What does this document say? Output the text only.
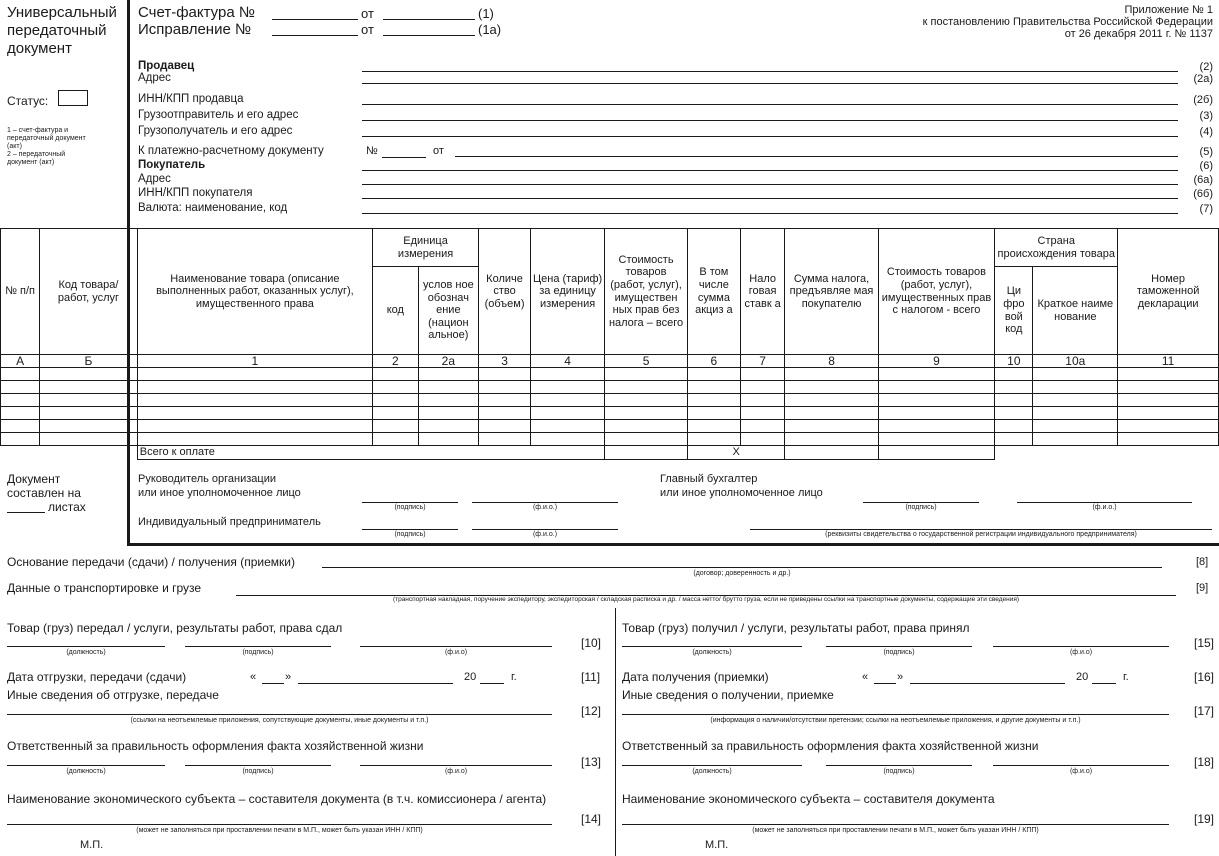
Универсальный
передаточный
документ
Статус:
1 – счет-фактура и
передаточный документ
(акт)
2 – передаточный
документ (акт)
Счет-фактура №	от	(1)
Исправление №	от	(1а)
Приложение № 1
к постановлению Правительства Российской Федерации
от 26 декабря 2011 г. № 1137
Продавец	(2)
Адрес	(2а)
ИНН/КПП продавца	(2б)
Грузоотправитель и его адрес	(3)
Грузополучатель и его адрес	(4)
К платежно-расчетному документу	(5)
Покупатель	(6)
Адрес	(6а)
ИНН/КПП покупателя	(6б)
Валюта: наименование, код	(7)
№	от
№ п/п	Код товара/ работ, услуг	Наименование товара (описание выполненных работ, оказанных услуг), имущественного права	Единица измерения		Количе ство (объем)	Цена (тариф) за единицу измерения	Стоимость товаров (работ, услуг), имуществен ных прав без налога – всего	В том числе сумма акциз а	Нало говая ставк а	Сумма налога, предъявляе мая покупателю	Стоимость товаров (работ, услуг), имущественных прав с налогом - всего	Страна происхождения товара		Номер таможенной декларации
			код	услов ное обознач ение (национ альное)								Ци фро вой код	Краткое наиме нование	
А	Б	1	2	2а	3	4	5	6	7	8	9	10	10а	11

		Всего к оплате						X						
Документ
составлен на
листах
Руководитель организации
или иное уполномоченное лицо
(подпись)	(ф.и.о.)
Главный бухгалтер
или иное уполномоченное лицо
(подпись)	(ф.и.о.)
Индивидуальный предприниматель
(подпись)	(ф.и.о.)	(реквизиты свидетельства о государственной регистрации индивидуального предпринимателя)
Основание передачи (сдачи) / получения (приемки)
(договор; доверенность и др.)
[8]
Данные о транспортировке и грузе
(транспортная накладная, поручение экспедитору, экспедиторская / складская расписка и др. / масса нетто/ брутто груза, если не приведены ссылки на транспортные документы, содержащие эти сведения)
[9]
Товар (груз) передал / услуги, результаты работ, права сдал
(должность)	(подпись)	(ф.и.о)
[10]
Дата отгрузки, передачи (сдачи)	«	»	20	г.	[11]
Иные сведения об отгрузке, передаче
(ссылки на неотъемлемые приложения, сопутствующие документы, иные документы и т.п.)
[12]
Ответственный за правильность оформления факта хозяйственной жизни
(должность)	(подпись)	(ф.и.о)
[13]
Наименование экономического субъекта – составителя документа (в т.ч. комиссионера / агента)
(может не заполняться при проставлении печати в М.П., может быть указан ИНН / КПП)
[14]
М.П.
Товар (груз) получил / услуги, результаты работ, права принял
(должность)	(подпись)	(ф.и.о)
[15]
Дата получения (приемки)	«	»	20	г.	[16]
Иные сведения о получении, приемке
(информация о наличии/отсутствии претензии; ссылки на неотъемлемые приложения, и другие документы и т.п.)
[17]
Ответственный за правильность оформления факта хозяйственной жизни
(должность)	(подпись)	(ф.и.о)
[18]
Наименование экономического субъекта – составителя документа
(может не заполняться при проставлении печати в М.П., может быть указан ИНН / КПП)
[19]
М.П.
